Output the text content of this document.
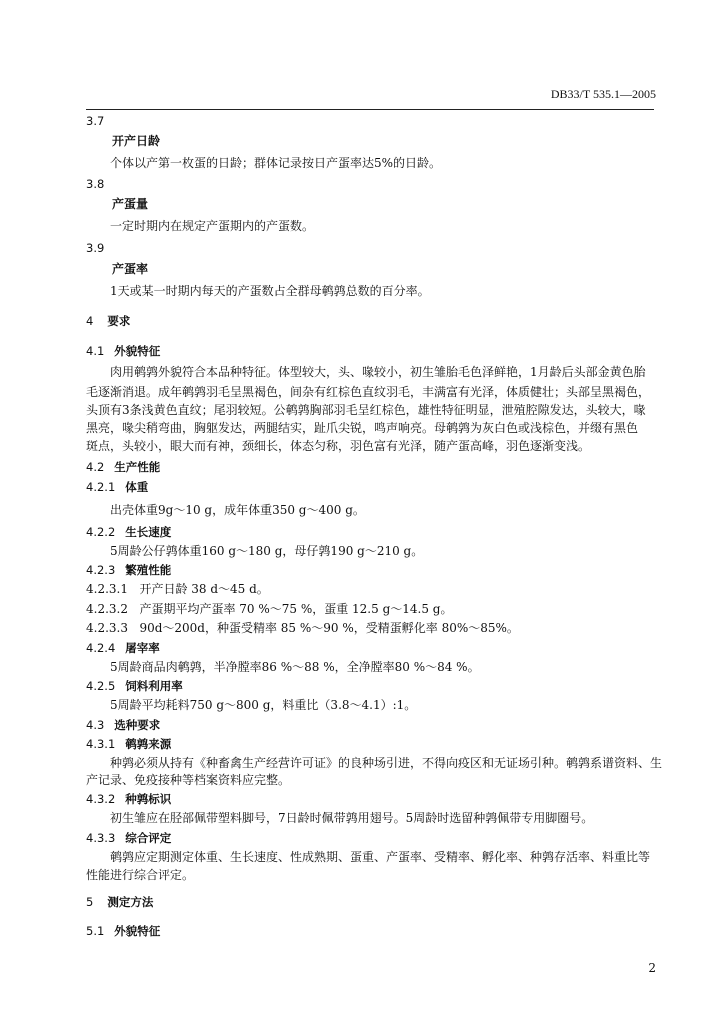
DB33/T 535.1—2005
3.7
开产日龄
个体以产第一枚蛋的日龄；群体记录按日产蛋率达5%的日龄。
3.8
产蛋量
一定时期内在规定产蛋期内的产蛋数。
3.9
产蛋率
1天或某一时期内每天的产蛋数占全群母鹌鹑总数的百分率。
4 要求
4.1 外貌特征
肉用鹌鹑外貌符合本品种特征。体型较大，头、喙较小，初生雏胎毛色泽鲜艳，1月龄后头部金黄色胎
毛逐渐消退。成年鹌鹑羽毛呈黑褐色，间杂有红棕色直纹羽毛，丰满富有光泽，体质健壮；头部呈黑褐色，
头顶有3条浅黄色直纹；尾羽较短。公鹌鹑胸部羽毛呈红棕色，雄性特征明显，泄殖腔隙发达，头较大，喙
黑亮，喙尖稍弯曲，胸躯发达，两腿结实，趾爪尖锐，鸣声响亮。母鹌鹑为灰白色或浅棕色，并缀有黑色
斑点，头较小，眼大而有神，颈细长，体态匀称，羽色富有光泽，随产蛋高峰，羽色逐渐变浅。
4.2 生产性能
4.2.1 体重
出壳体重9g～10 g，成年体重350 g～400 g。
4.2.2 生长速度
5周龄公仔鹑体重160 g～180 g，母仔鹑190 g～210 g。
4.2.3 繁殖性能
4.2.3.1 开产日龄 38 d～45 d。
4.2.3.2 产蛋期平均产蛋率 70 %～75 %，蛋重 12.5 g～14.5 g。
4.2.3.3 90d～200d，种蛋受精率 85 %～90 %，受精蛋孵化率 80%～85%。
4.2.4 屠宰率
5周龄商品肉鹌鹑，半净膛率86 %～88 %，全净膛率80 %～84 %。
4.2.5 饲料利用率
5周龄平均耗料750 g～800 g，料重比（3.8～4.1）:1。
4.3 选种要求
4.3.1 鹌鹑来源
种鹑必须从持有《种畜禽生产经营许可证》的良种场引进，不得向疫区和无证场引种。鹌鹑系谱资料、生
产记录、免疫接种等档案资料应完整。
4.3.2 种鹑标识
初生雏应在胫部佩带塑料脚号，7日龄时佩带鹑用翅号。5周龄时选留种鹑佩带专用脚圈号。
4.3.3 综合评定
鹌鹑应定期测定体重、生长速度、性成熟期、蛋重、产蛋率、受精率、孵化率、种鹑存活率、料重比等
性能进行综合评定。
5 测定方法
5.1 外貌特征
2
